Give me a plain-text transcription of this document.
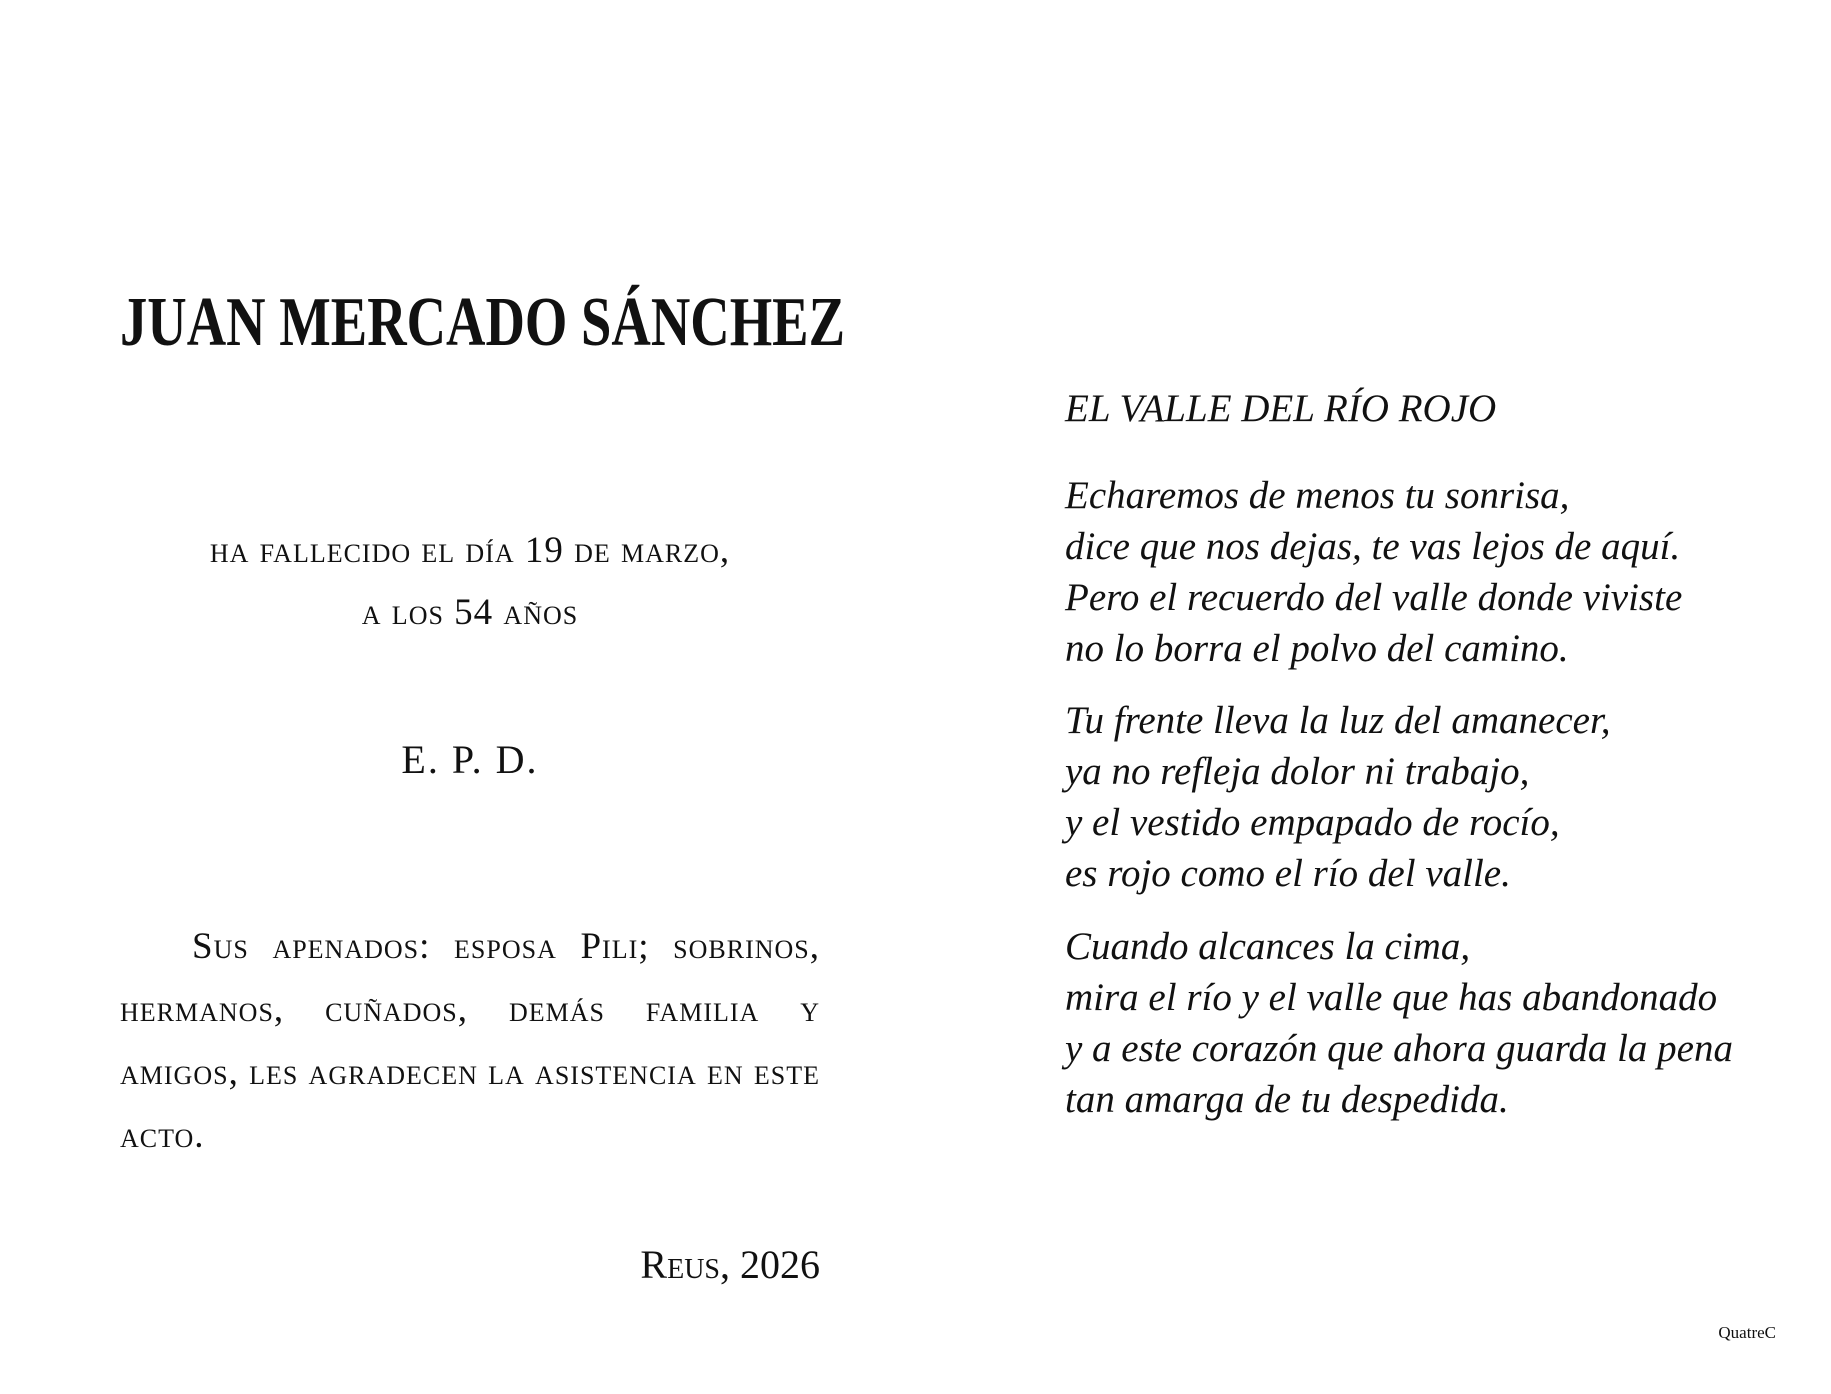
JUAN MERCADO SÁNCHEZ
ha fallecido el día 19 de marzo,
a los 54 años
E. P. D.
Sus apenados: esposa Pili; sobrinos, hermanos, cuñados, demás familia y amigos, les agradecen la asistencia en este acto.
Reus, 2026
EL VALLE DEL RÍO ROJO
Echaremos de menos tu sonrisa,
dice que nos dejas, te vas lejos de aquí.
Pero el recuerdo del valle donde viviste
no lo borra el polvo del camino.
Tu frente lleva la luz del amanecer,
ya no refleja dolor ni trabajo,
y el vestido empapado de rocío,
es rojo como el río del valle.
Cuando alcances la cima,
mira el río y el valle que has abandonado
y a este corazón que ahora guarda la pena
tan amarga de tu despedida.
QuatreC
